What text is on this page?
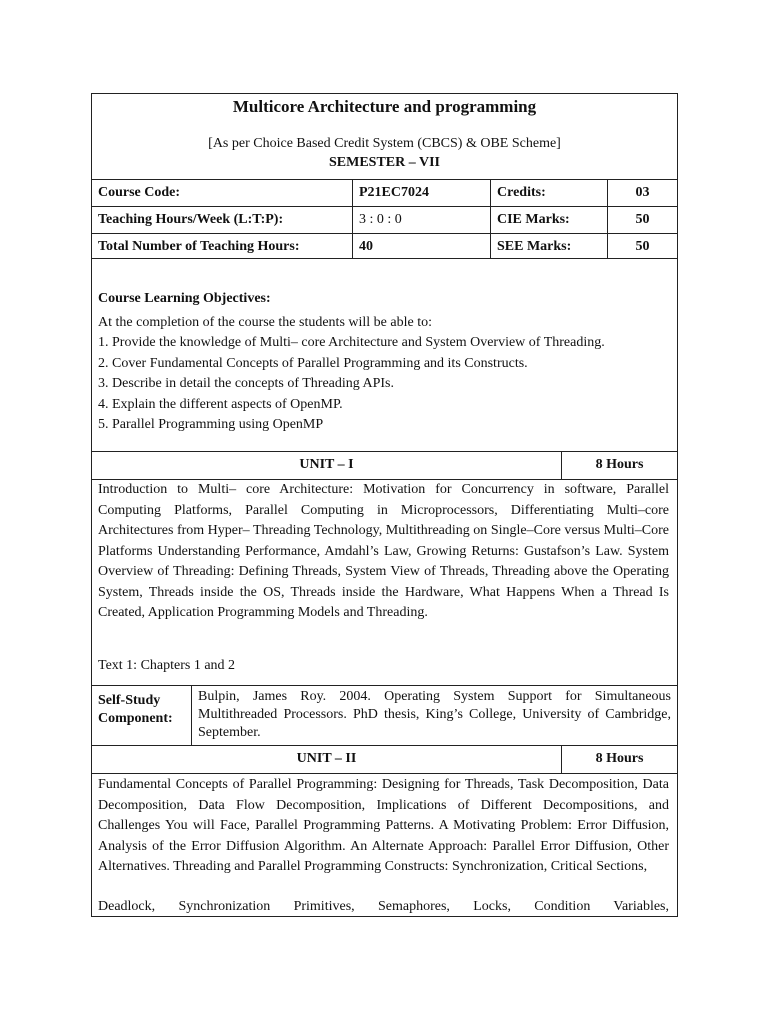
Multicore Architecture and programming
[As per Choice Based Credit System (CBCS) & OBE Scheme]
SEMESTER – VII
Course Code:	P21EC7024	Credits:	03
Teaching Hours/Week (L:T:P):	3 : 0 : 0	CIE Marks:	50
Total Number of Teaching Hours:	40	SEE Marks:	50
Course Learning Objectives:
At the completion of the course the students will be able to:
1. Provide the knowledge of Multi– core Architecture and System Overview of Threading.
2. Cover Fundamental Concepts of Parallel Programming and its Constructs.
3. Describe in detail the concepts of Threading APIs.
4. Explain the different aspects of OpenMP.
5. Parallel Programming using OpenMP
UNIT – I	8 Hours
Introduction to Multi– core Architecture: Motivation for Concurrency in software, Parallel Computing Platforms, Parallel Computing in Microprocessors, Differentiating Multi–core Architectures from Hyper– Threading Technology, Multithreading on Single–Core versus Multi–Core Platforms Understanding Performance, Amdahl’s Law, Growing Returns: Gustafson’s Law. System Overview of Threading: Defining Threads, System View of Threads, Threading above the Operating System, Threads inside the OS, Threads inside the Hardware, What Happens When a Thread Is Created, Application Programming Models and Threading.
Text 1: Chapters 1 and 2
Self-Study Component:
Bulpin, James Roy. 2004. Operating System Support for Simultaneous Multithreaded Processors. PhD thesis, King’s College, University of Cambridge, September.
UNIT – II	8 Hours
Fundamental Concepts of Parallel Programming: Designing for Threads, Task Decomposition, Data Decomposition, Data Flow Decomposition, Implications of Different Decompositions, and Challenges You will Face, Parallel Programming Patterns. A Motivating Problem: Error Diffusion, Analysis of the Error Diffusion Algorithm. An Alternate Approach: Parallel Error Diffusion, Other Alternatives. Threading and Parallel Programming Constructs: Synchronization, Critical Sections,
Deadlock, Synchronization Primitives, Semaphores, Locks, Condition Variables,
